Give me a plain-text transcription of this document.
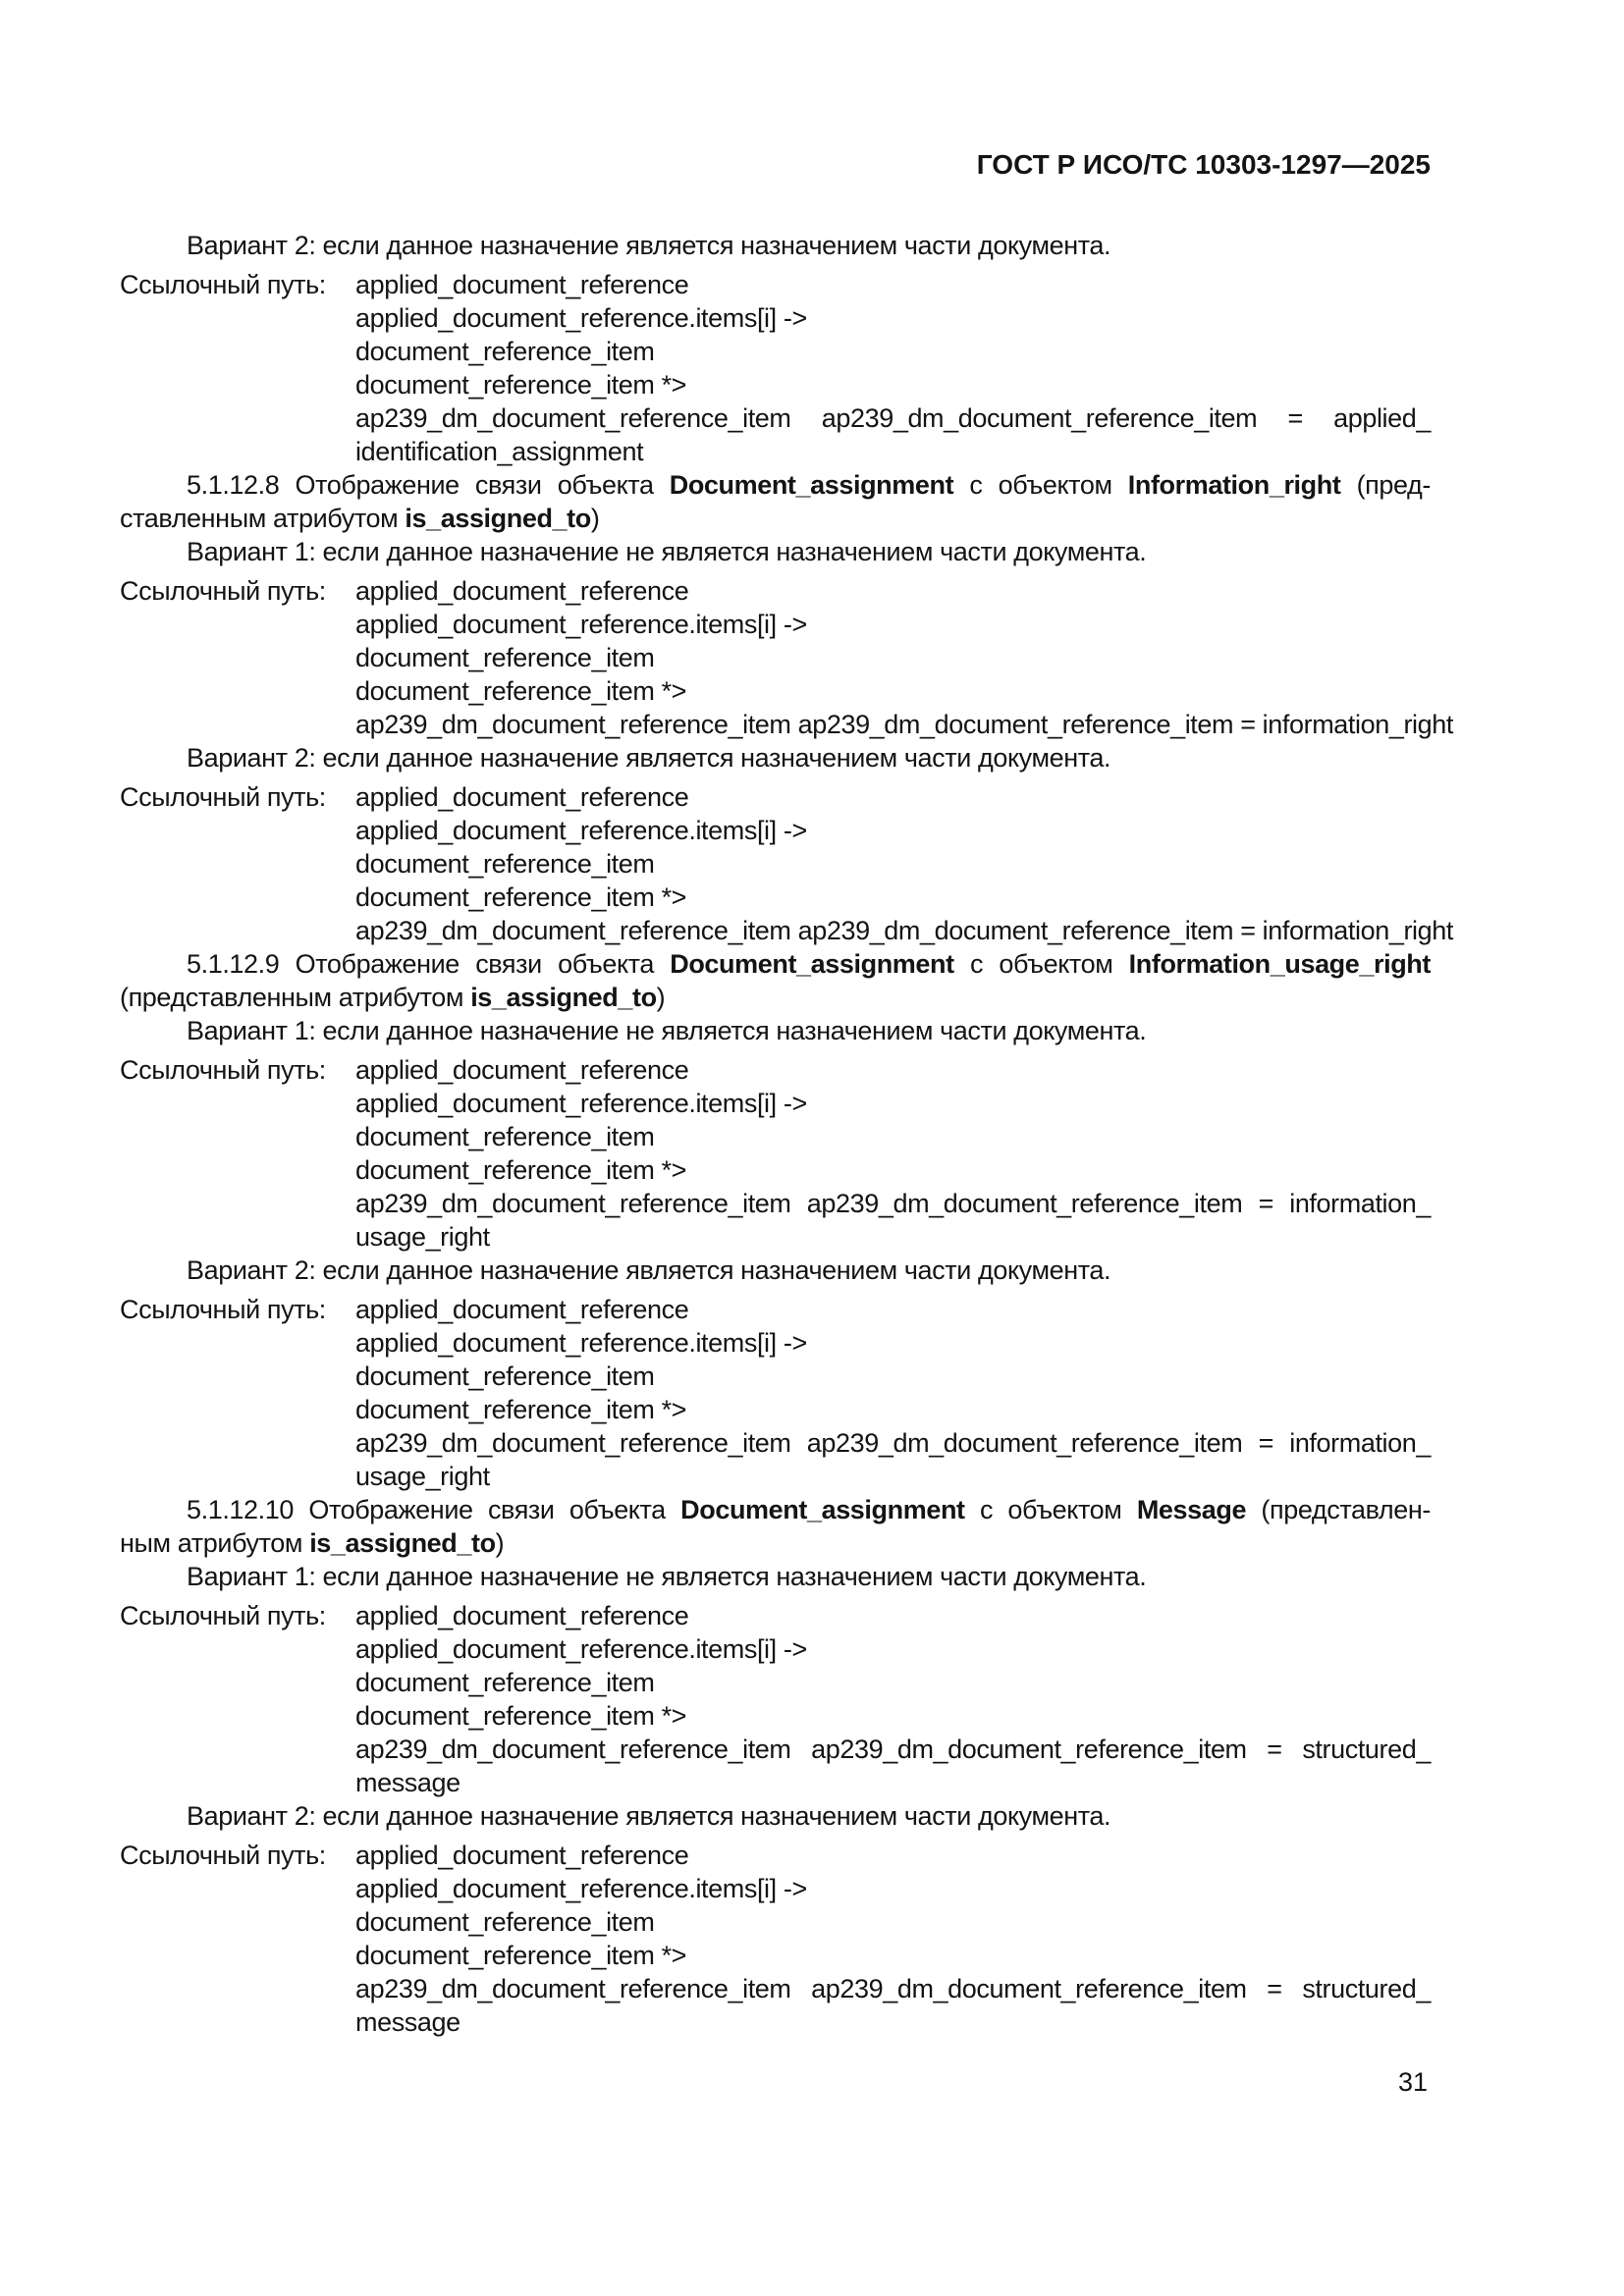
ГОСТ Р ИСО/ТС 10303-1297—2025
Вариант 2: если данное назначение является назначением части документа.
Ссылочный путь: applied_document_reference
applied_document_reference.items[i] ->
document_reference_item
document_reference_item *>
ap239_dm_document_reference_item ap239_dm_document_reference_item = applied_
identification_assignment
5.1.12.8 Отображение связи объекта Document_assignment с объектом Information_right (пред-
ставленным атрибутом is_assigned_to)
Вариант 1: если данное назначение не является назначением части документа.
Ссылочный путь: applied_document_reference
applied_document_reference.items[i] ->
document_reference_item
document_reference_item *>
ap239_dm_document_reference_item ap239_dm_document_reference_item = information_right
Вариант 2: если данное назначение является назначением части документа.
Ссылочный путь: applied_document_reference
applied_document_reference.items[i] ->
document_reference_item
document_reference_item *>
ap239_dm_document_reference_item ap239_dm_document_reference_item = information_right
5.1.12.9 Отображение связи объекта Document_assignment с объектом Information_usage_right
(представленным атрибутом is_assigned_to)
Вариант 1: если данное назначение не является назначением части документа.
Ссылочный путь: applied_document_reference
applied_document_reference.items[i] ->
document_reference_item
document_reference_item *>
ap239_dm_document_reference_item ap239_dm_document_reference_item = information_
usage_right
Вариант 2: если данное назначение является назначением части документа.
Ссылочный путь: applied_document_reference
applied_document_reference.items[i] ->
document_reference_item
document_reference_item *>
ap239_dm_document_reference_item ap239_dm_document_reference_item = information_
usage_right
5.1.12.10 Отображение связи объекта Document_assignment с объектом Message (представлен-
ным атрибутом is_assigned_to)
Вариант 1: если данное назначение не является назначением части документа.
Ссылочный путь: applied_document_reference
applied_document_reference.items[i] ->
document_reference_item
document_reference_item *>
ap239_dm_document_reference_item ap239_dm_document_reference_item = structured_
message
Вариант 2: если данное назначение является назначением части документа.
Ссылочный путь: applied_document_reference
applied_document_reference.items[i] ->
document_reference_item
document_reference_item *>
ap239_dm_document_reference_item ap239_dm_document_reference_item = structured_
message
31
